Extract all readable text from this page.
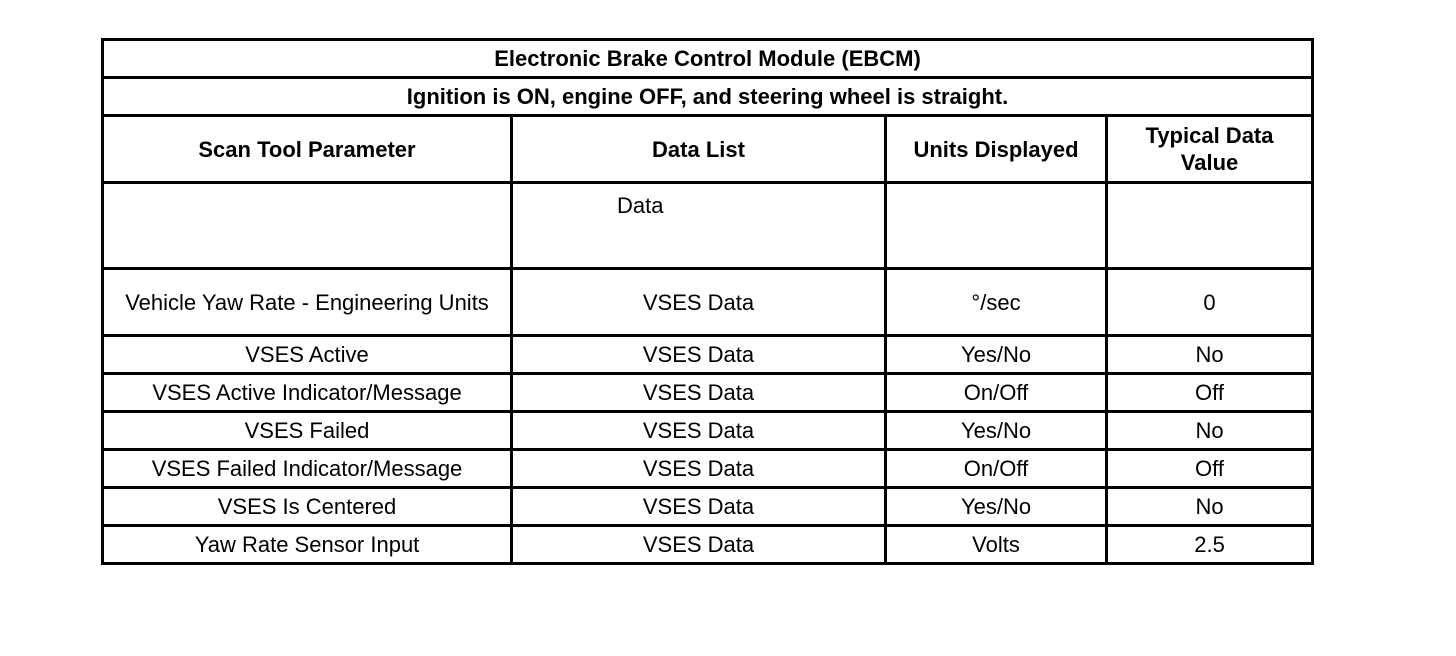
Electronic Brake Control Module (EBCM)			
Ignition is ON, engine OFF, and steering wheel is straight.			
Scan Tool Parameter	Data List	Units Displayed	Typical Data Value
	Data		
Vehicle Yaw Rate - Engineering Units	VSES Data	°/sec	0
VSES Active	VSES Data	Yes/No	No
VSES Active Indicator/Message	VSES Data	On/Off	Off
VSES Failed	VSES Data	Yes/No	No
VSES Failed Indicator/Message	VSES Data	On/Off	Off
VSES Is Centered	VSES Data	Yes/No	No
Yaw Rate Sensor Input	VSES Data	Volts	2.5
